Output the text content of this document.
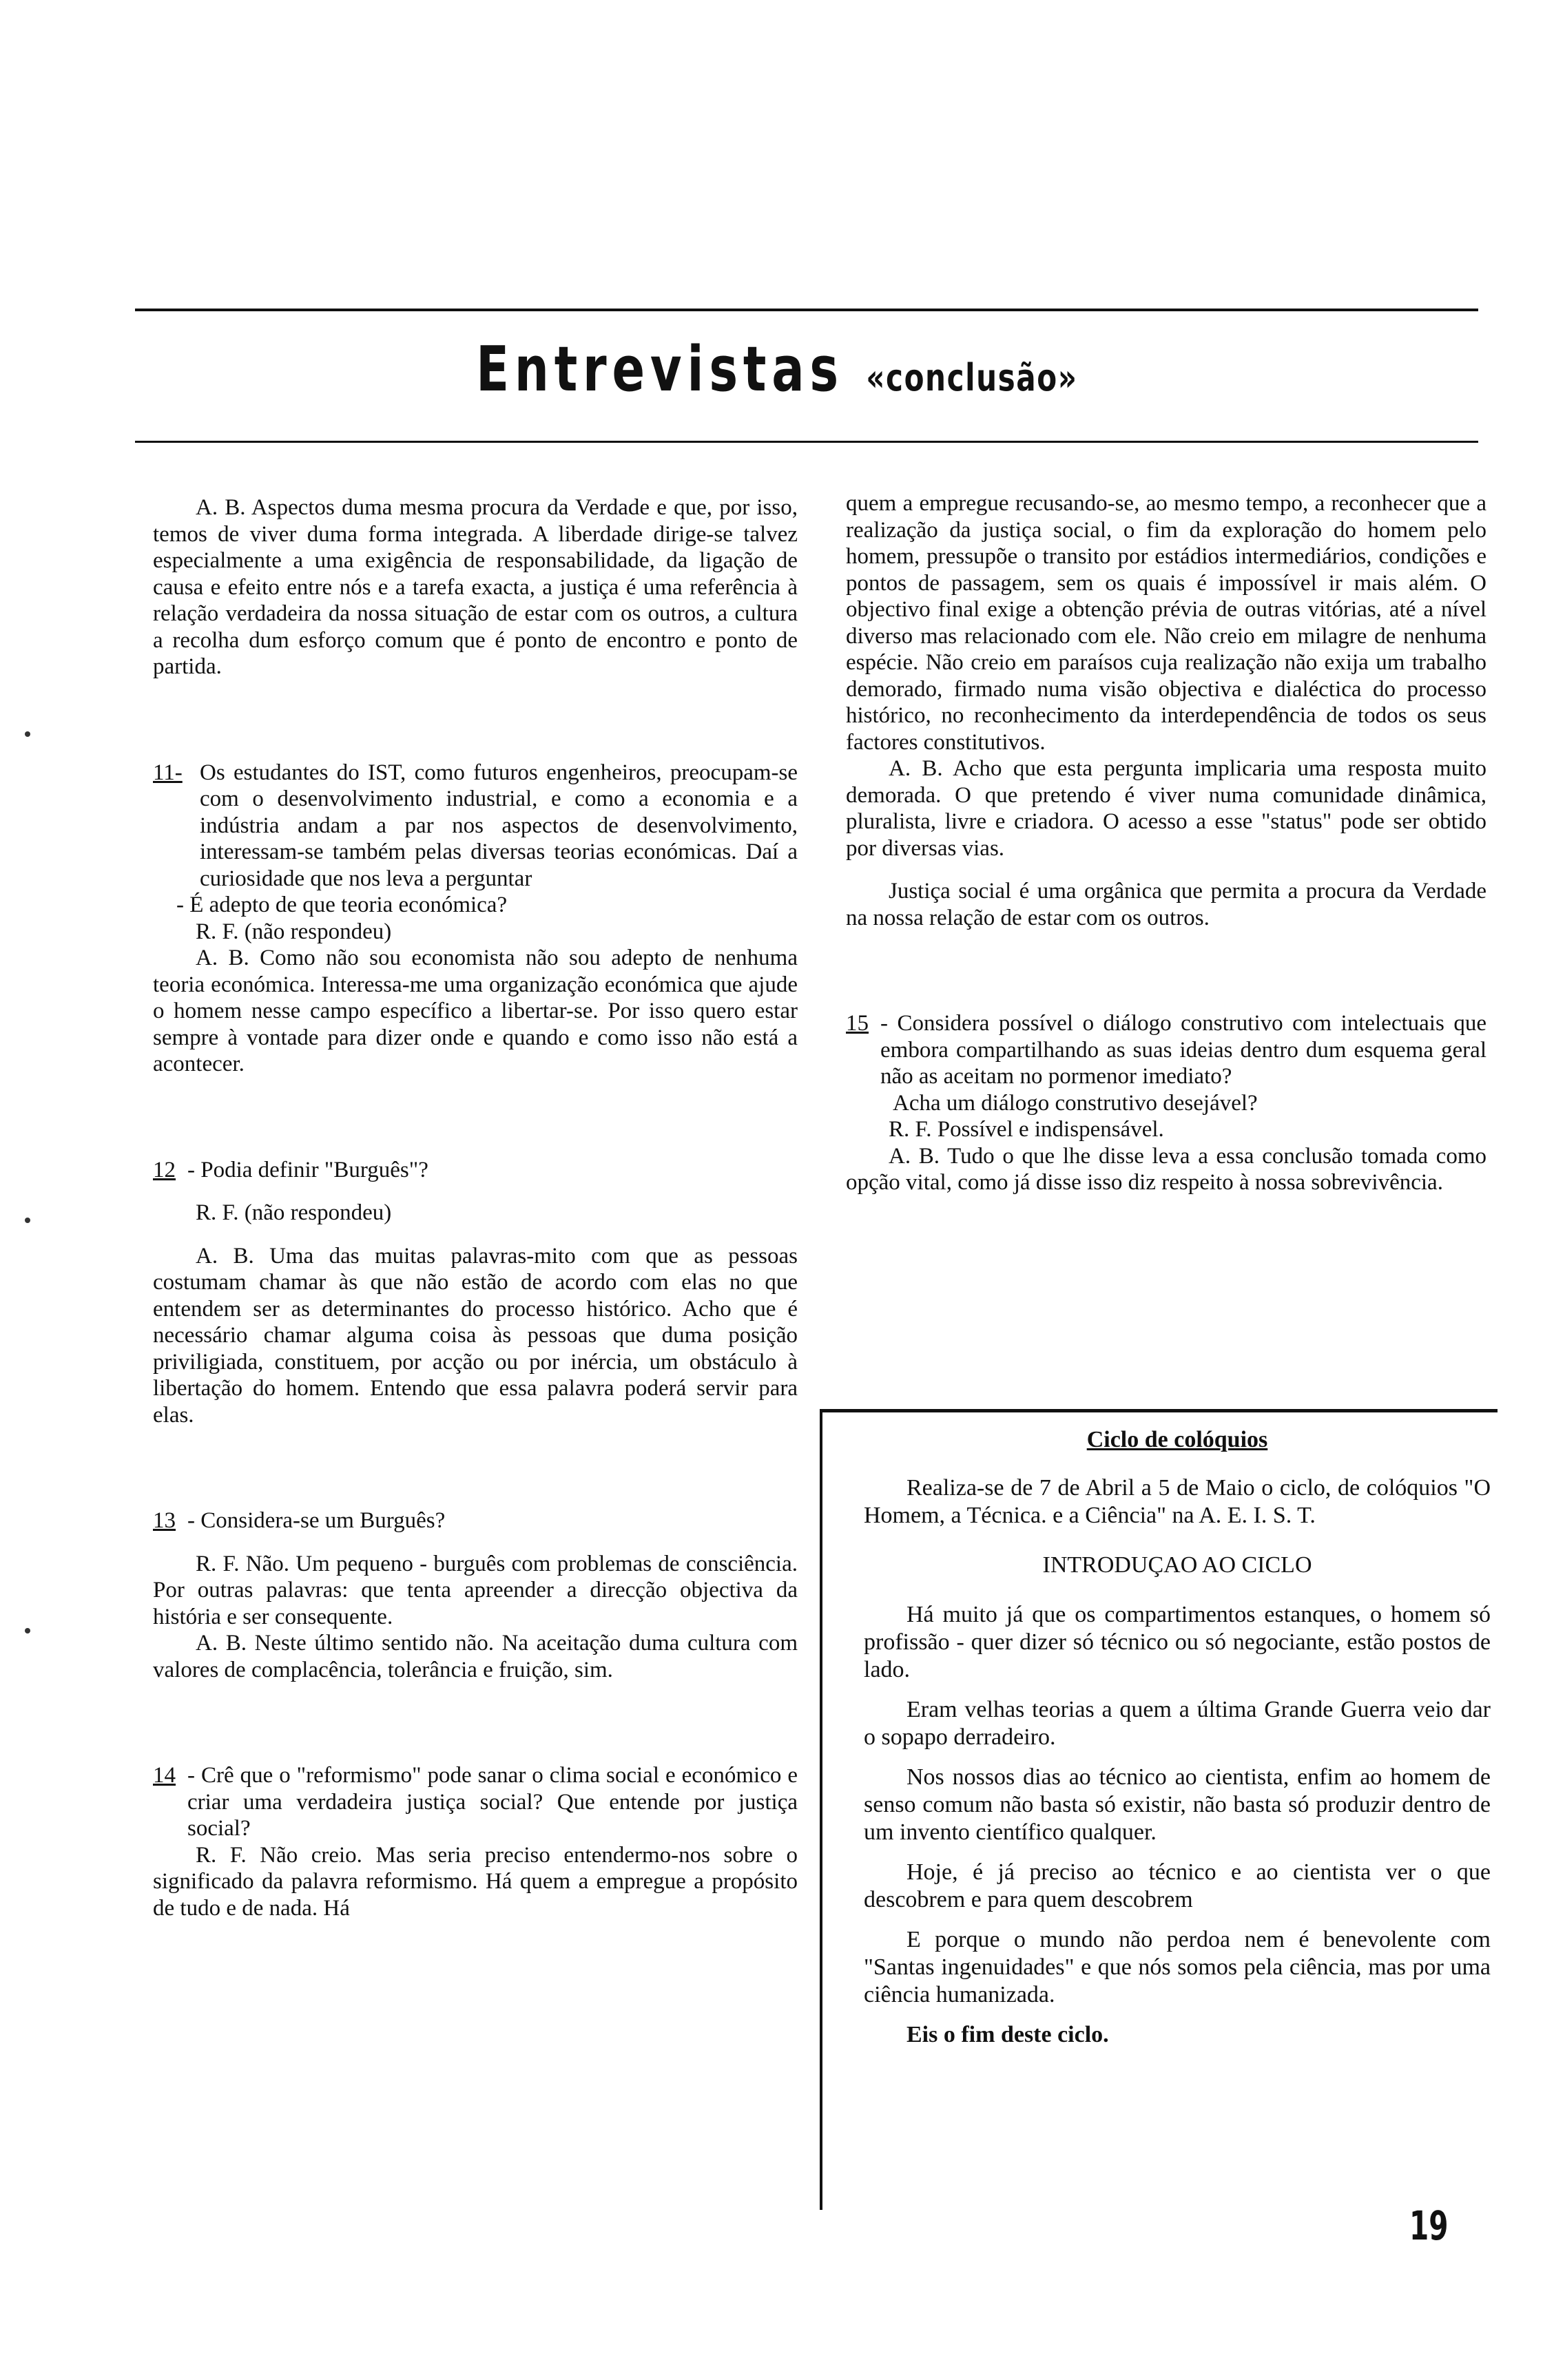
Entrevistas «conclusão»

A. B. Aspectos duma mesma procura da Verdade e que, por isso, temos de viver duma forma integrada. A liberdade dirige-se talvez especialmente a uma exigência de responsabilidade, da ligação de causa e efeito entre nós e a tarefa exacta, a justiça é uma referência à relação verdadeira da nossa situação de estar com os outros, a cultura a recolha dum esforço comum que é ponto de encontro e ponto de partida.

11- Os estudantes do IST, como futuros engenheiros, preocupam-se com o desenvolvimento industrial, e como a economia e a indústria andam a par nos aspectos de desenvolvimento, interessam-se também pelas diversas teorias económicas. Daí a curiosidade que nos leva a perguntar

- É adepto de que teoria económica?

R. F. (não respondeu)

A. B. Como não sou economista não sou adepto de nenhuma teoria económica. Interessa-me uma organização económica que ajude o homem nesse campo específico a libertar-se. Por isso quero estar sempre à vontade para dizer onde e quando e como isso não está a acontecer.

12 - Podia definir "Burguês"?

R. F. (não respondeu)

A. B. Uma das muitas palavras-mito com que as pessoas costumam chamar às que não estão de acordo com elas no que entendem ser as determinantes do processo histórico. Acho que é necessário chamar alguma coisa às pessoas que duma posição priviligiada, constituem, por acção ou por inércia, um obstáculo à libertação do homem. Entendo que essa palavra poderá servir para elas.

13 - Considera-se um Burguês?

R. F. Não. Um pequeno - burguês com problemas de consciência. Por outras palavras: que tenta apreender a direcção objectiva da história e ser consequente.

A. B. Neste último sentido não. Na aceitação duma cultura com valores de complacência, tolerância e fruição, sim.

14 - Crê que o "reformismo" pode sanar o clima social e económico e criar uma verdadeira justiça social? Que entende por justiça social?

R. F. Não creio. Mas seria preciso entendermo-nos sobre o significado da palavra reformismo. Há quem a empregue a propósito de tudo e de nada. Há

quem a empregue recusando-se, ao mesmo tempo, a reconhecer que a realização da justiça social, o fim da exploração do homem pelo homem, pressupõe o transito por estádios intermediários, condições e pontos de passagem, sem os quais é impossível ir mais além. O objectivo final exige a obtenção prévia de outras vitórias, até a nível diverso mas relacionado com ele. Não creio em milagre de nenhuma espécie. Não creio em paraísos cuja realização não exija um trabalho demorado, firmado numa visão objectiva e dialéctica do processo histórico, no reconhecimento da interdependência de todos os seus factores constitutivos.

A. B. Acho que esta pergunta implicaria uma resposta muito demorada. O que pretendo é viver numa comunidade dinâmica, pluralista, livre e criadora. O acesso a esse "status" pode ser obtido por diversas vias.

Justiça social é uma orgânica que permita a procura da Verdade na nossa relação de estar com os outros.

15 - Considera possível o diálogo construtivo com intelectuais que embora compartilhando as suas ideias dentro dum esquema geral não as aceitam no pormenor imediato?

Acha um diálogo construtivo desejável?

R. F. Possível e indispensável.

A. B. Tudo o que lhe disse leva a essa conclusão tomada como opção vital, como já disse isso diz respeito à nossa sobrevivência.

Ciclo de colóquios

Realiza-se de 7 de Abril a 5 de Maio o ciclo, de colóquios "O Homem, a Técnica. e a Ciência" na A. E. I. S. T.

INTRODUÇAO AO CICLO

Há muito já que os compartimentos estanques, o homem só profissão - quer dizer só técnico ou só negociante, estão postos de lado.

Eram velhas teorias a quem a última Grande Guerra veio dar o sopapo derradeiro.

Nos nossos dias ao técnico ao cientista, enfim ao homem de senso comum não basta só existir, não basta só produzir dentro de um invento científico qualquer.

Hoje, é já preciso ao técnico e ao cientista ver o que descobrem e para quem descobrem

E porque o mundo não perdoa nem é benevolente com "Santas ingenuidades" e que nós somos pela ciência, mas por uma ciência humanizada.

Eis o fim deste ciclo.

19
